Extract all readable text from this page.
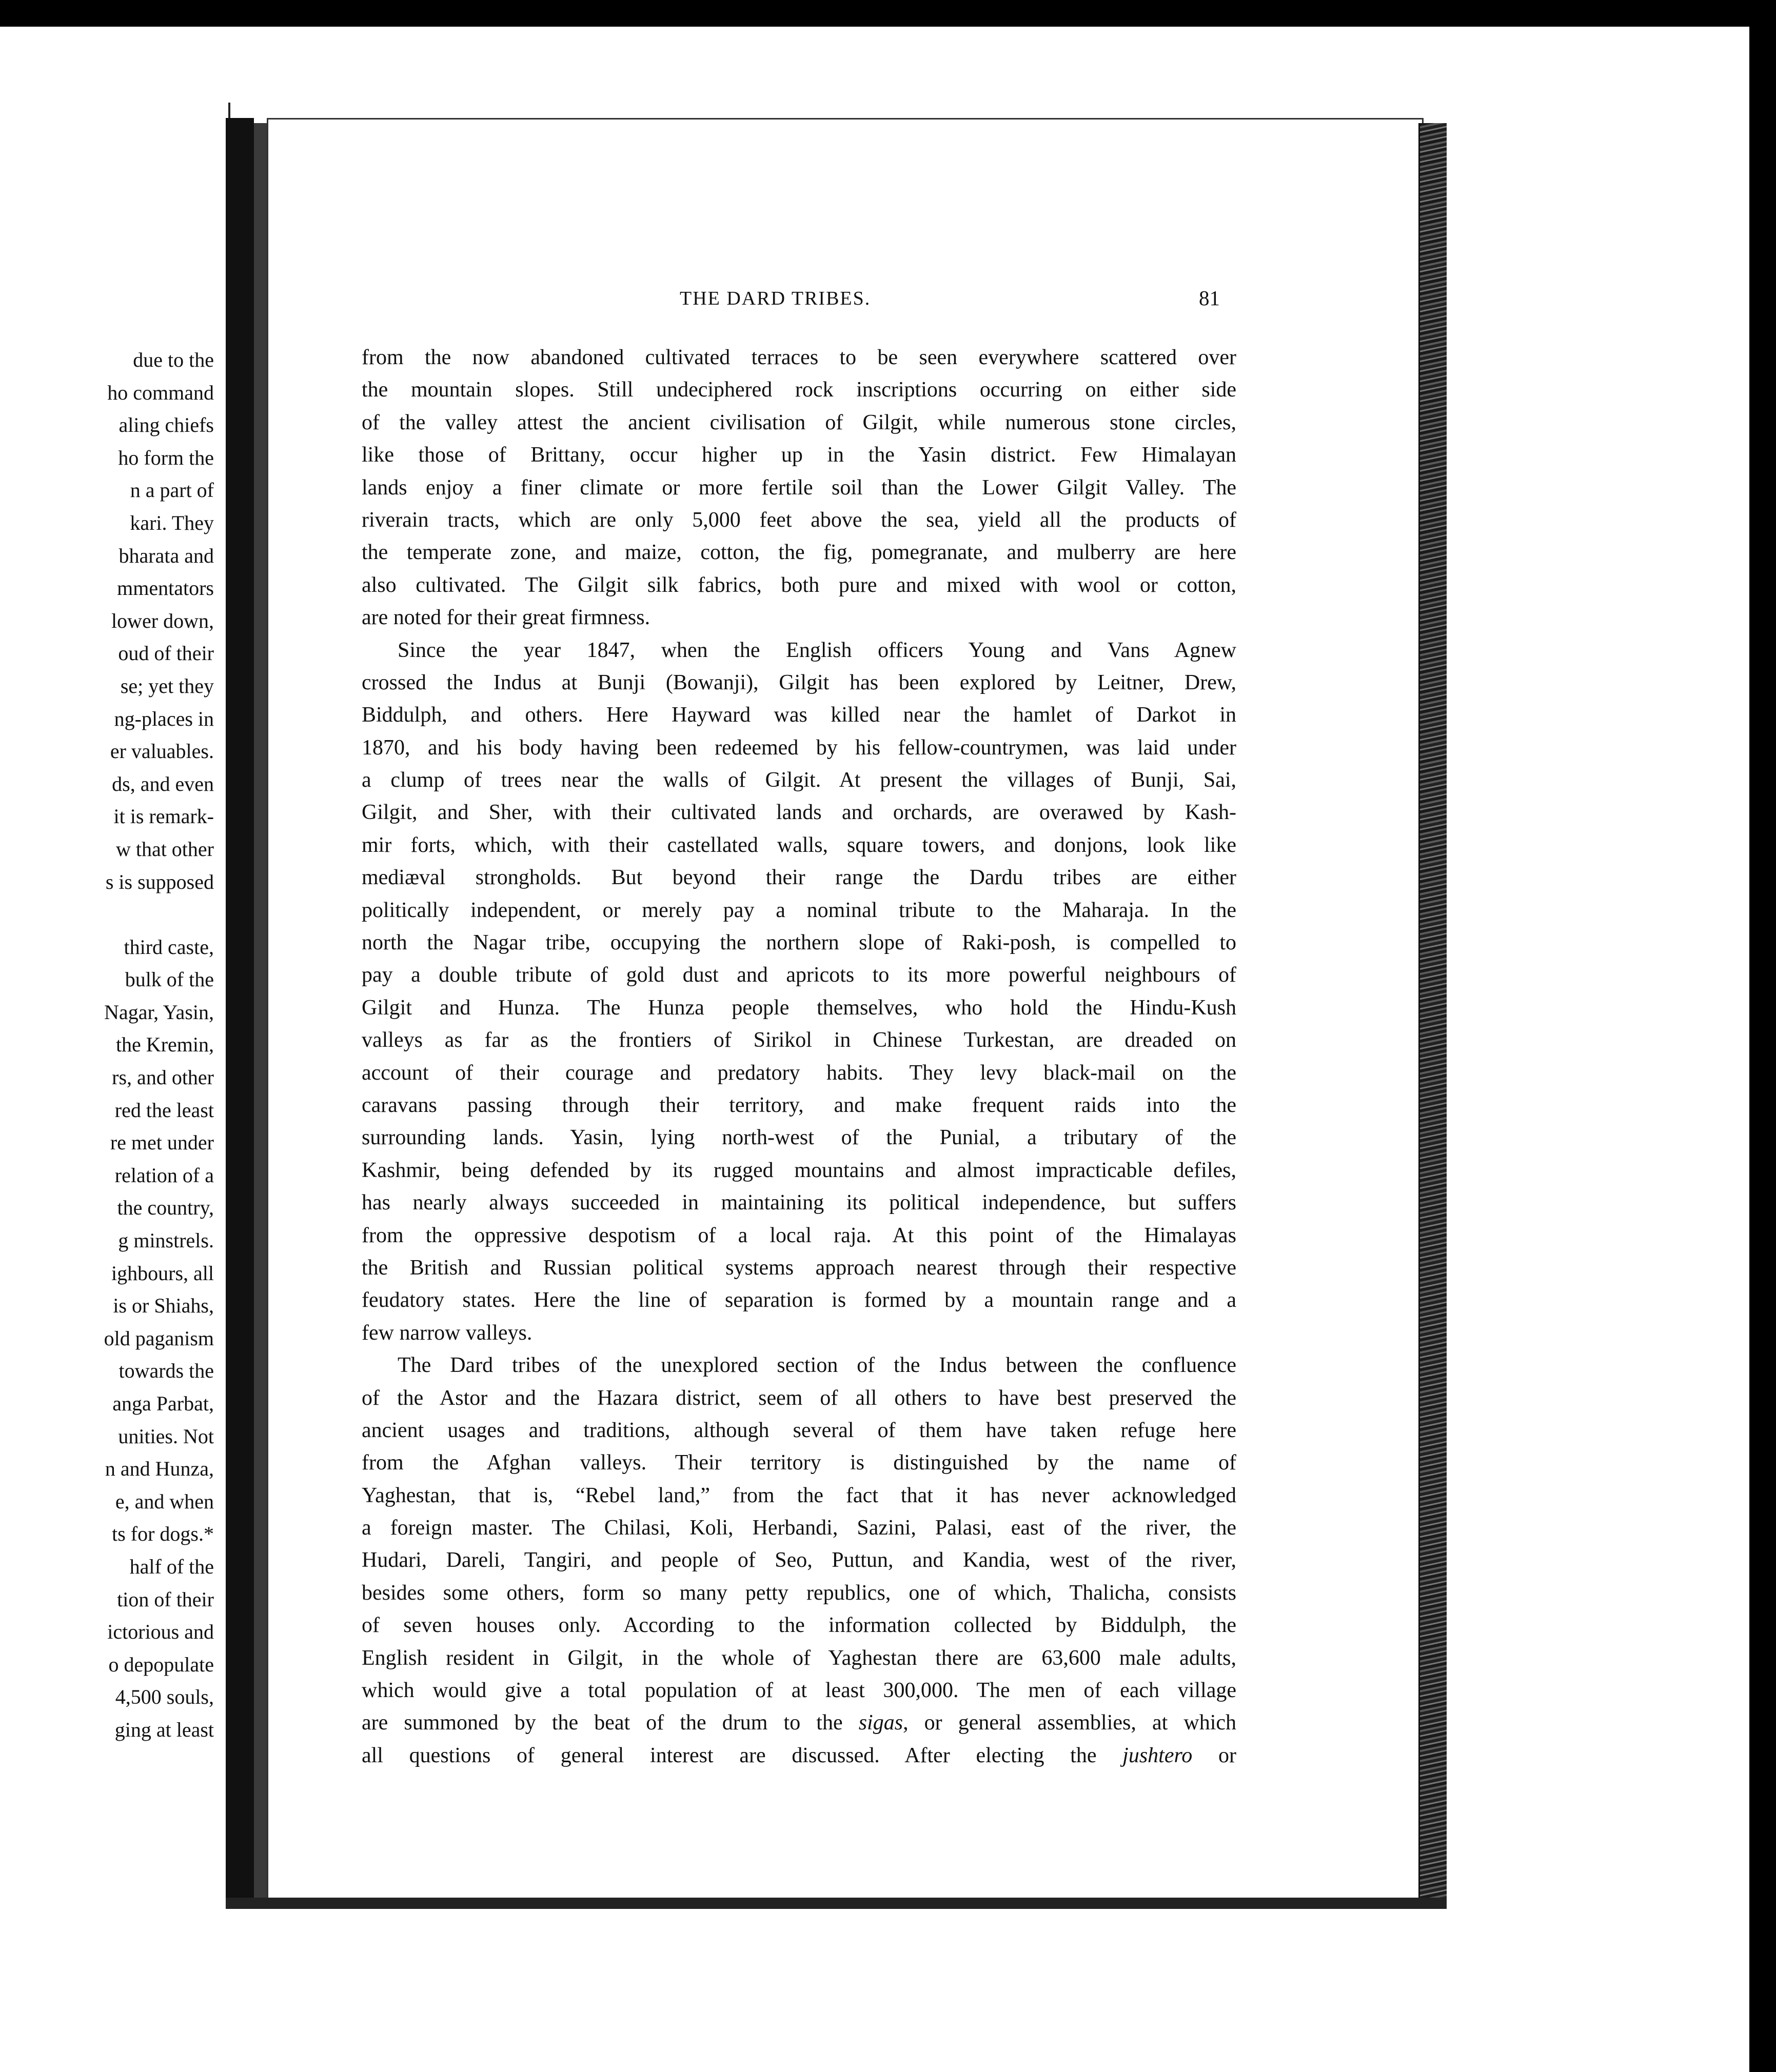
due to the
ho command
aling chiefs
ho form the
n a part of
kari. They
bharata and
mmentators
lower down,
oud of their
se; yet they
ng-places in
er valuables.
ds, and even
it is remark-
w that other
s is supposed

third caste,
bulk of the
Nagar, Yasin,
the Kremin,
rs, and other
red the least
re met under
relation of a
the country,
g minstrels.
ighbours, all
is or Shiahs,
old paganism
towards the
anga Parbat,
unities. Not
n and Hunza,
e, and when
ts for dogs.*
half of the
tion of their
ictorious and
o depopulate
4,500 souls,
ging at least
THE DARD TRIBES.	81
from the now abandoned cultivated terraces to be seen everywhere scattered over
the mountain slopes. Still undeciphered rock inscriptions occurring on either side
of the valley attest the ancient civilisation of Gilgit, while numerous stone circles,
like those of Brittany, occur higher up in the Yasin district. Few Himalayan
lands enjoy a finer climate or more fertile soil than the Lower Gilgit Valley. The
riverain tracts, which are only 5,000 feet above the sea, yield all the products of
the temperate zone, and maize, cotton, the fig, pomegranate, and mulberry are here
also cultivated. The Gilgit silk fabrics, both pure and mixed with wool or cotton,
are noted for their great firmness.
Since the year 1847, when the English officers Young and Vans Agnew
crossed the Indus at Bunji (Bowanji), Gilgit has been explored by Leitner, Drew,
Biddulph, and others. Here Hayward was killed near the hamlet of Darkot in
1870, and his body having been redeemed by his fellow-countrymen, was laid under
a clump of trees near the walls of Gilgit. At present the villages of Bunji, Sai,
Gilgit, and Sher, with their cultivated lands and orchards, are overawed by Kash-
mir forts, which, with their castellated walls, square towers, and donjons, look like
mediæval strongholds. But beyond their range the Dardu tribes are either
politically independent, or merely pay a nominal tribute to the Maharaja. In the
north the Nagar tribe, occupying the northern slope of Raki-posh, is compelled to
pay a double tribute of gold dust and apricots to its more powerful neighbours of
Gilgit and Hunza. The Hunza people themselves, who hold the Hindu-Kush
valleys as far as the frontiers of Sirikol in Chinese Turkestan, are dreaded on
account of their courage and predatory habits. They levy black-mail on the
caravans passing through their territory, and make frequent raids into the
surrounding lands. Yasin, lying north-west of the Punial, a tributary of the
Kashmir, being defended by its rugged mountains and almost impracticable defiles,
has nearly always succeeded in maintaining its political independence, but suffers
from the oppressive despotism of a local raja. At this point of the Himalayas
the British and Russian political systems approach nearest through their respective
feudatory states. Here the line of separation is formed by a mountain range and a
few narrow valleys.
The Dard tribes of the unexplored section of the Indus between the confluence
of the Astor and the Hazara district, seem of all others to have best preserved the
ancient usages and traditions, although several of them have taken refuge here
from the Afghan valleys. Their territory is distinguished by the name of
Yaghestan, that is, “Rebel land,” from the fact that it has never acknowledged
a foreign master. The Chilasi, Koli, Herbandi, Sazini, Palasi, east of the river, the
Hudari, Dareli, Tangiri, and people of Seo, Puttun, and Kandia, west of the river,
besides some others, form so many petty republics, one of which, Thalicha, consists
of seven houses only. According to the information collected by Biddulph, the
English resident in Gilgit, in the whole of Yaghestan there are 63,600 male adults,
which would give a total population of at least 300,000. The men of each village
are summoned by the beat of the drum to the sigas, or general assemblies, at which
all questions of general interest are discussed. After electing the jushtero or
